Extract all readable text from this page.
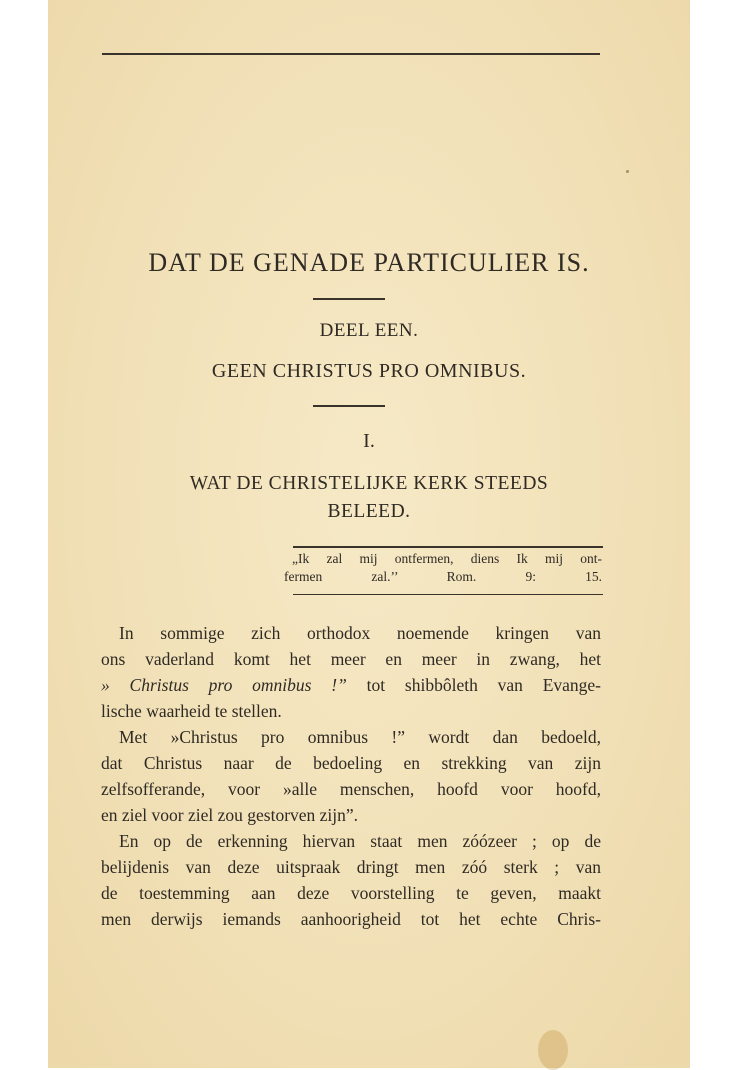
DAT DE GENADE PARTICULIER IS.
DEEL EEN.
GEEN CHRISTUS PRO OMNIBUS.
I.
WAT DE CHRISTELIJKE KERK STEEDS
BELEED.
„Ik zal mij ontfermen, diens Ik mij ont-
fermen zal.’’	Rom. 9: 15.
In sommige zich orthodox noemende kringen van
ons vaderland komt het meer en meer in zwang, het
» Christus pro omnibus !” tot shibbôleth van Evange-
lische waarheid te stellen.
Met »Christus pro omnibus !” wordt dan bedoeld,
dat Christus naar de bedoeling en strekking van zijn
zelfsofferande, voor »alle menschen, hoofd voor hoofd,
en ziel voor ziel zou gestorven zijn”.
En op de erkenning hiervan staat men zóózeer ; op de
belijdenis van deze uitspraak dringt men zóó sterk ; van
de toestemming aan deze voorstelling te geven, maakt
men derwijs iemands aanhoorigheid tot het echte Chris-
